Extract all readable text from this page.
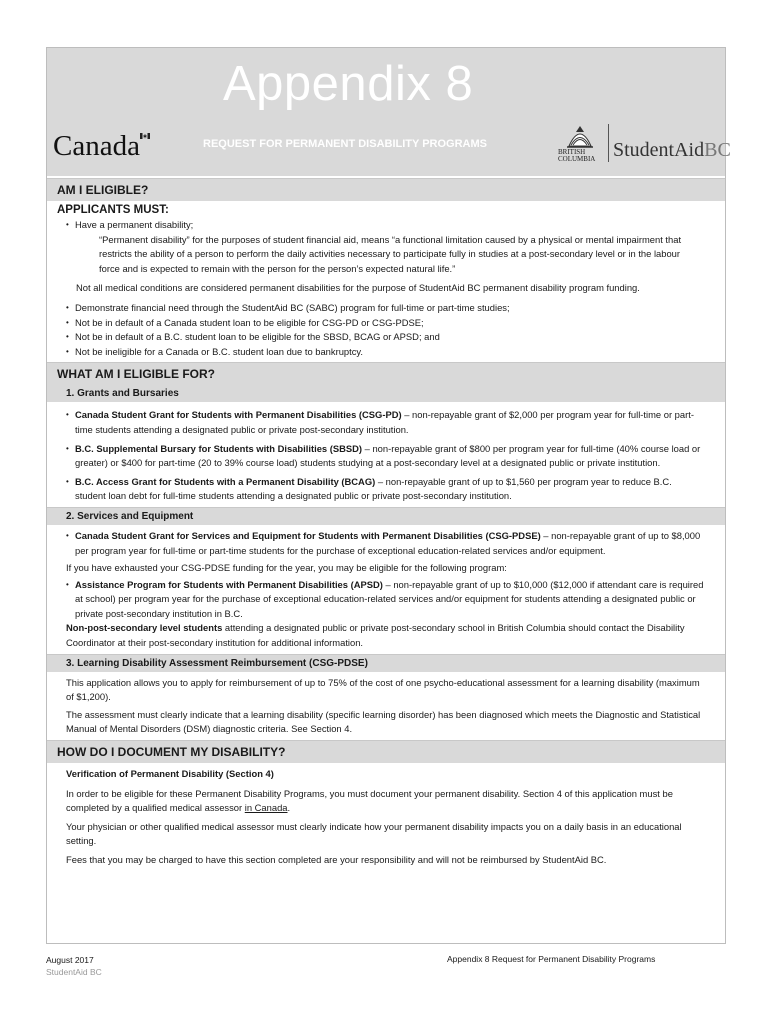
Appendix 8
REQUEST FOR PERMANENT DISABILITY PROGRAMS
Canada	BRITISH
COLUMBIA StudentAidBC
AM I ELIGIBLE?
APPLICANTS MUST:
• Have a permanent disability;

“Permanent disability” for the purposes of student financial aid, means “a functional limitation caused by a physical or mental impairment that restricts the ability of a person to perform the daily activities necessary to participate fully in studies at a post-secondary level or in the labour force and is expected to remain with the person for the person’s expected natural life.”

Not all medical conditions are considered permanent disabilities for the purpose of StudentAid BC permanent disability program funding.

• Demonstrate financial need through the StudentAid BC (SABC) program for full-time or part-time studies;
• Not be in default of a Canada student loan to be eligible for CSG-PD or CSG-PDSE;
• Not be in default of a B.C. student loan to be eligible for the SBSD, BCAG or APSD; and
• Not be ineligible for a Canada or B.C. student loan due to bankruptcy.
WHAT AM I ELIGIBLE FOR?
1. Grants and Bursaries
• Canada Student Grant for Students with Permanent Disabilities (CSG-PD) – non-repayable grant of $2,000 per program year for full-time or part-time students attending a designated public or private post-secondary institution.
• B.C. Supplemental Bursary for Students with Disabilities (SBSD) – non-repayable grant of $800 per program year for full-time (40% course load or greater) or $400 for part-time (20 to 39% course load) students studying at a post-secondary level at a designated public or private institution.
• B.C. Access Grant for Students with a Permanent Disability (BCAG) – non-repayable grant of up to $1,560 per program year to reduce B.C. student loan debt for full-time students attending a designated public or private post-secondary institution.
2. Services and Equipment
• Canada Student Grant for Services and Equipment for Students with Permanent Disabilities (CSG-PDSE) – non-repayable grant of up to $8,000 per program year for full-time or part-time students for the purchase of exceptional education-related services and/or equipment.

If you have exhausted your CSG-PDSE funding for the year, you may be eligible for the following program:

• Assistance Program for Students with Permanent Disabilities (APSD) – non-repayable grant of up to $10,000 ($12,000 if attendant care is required at school) per program year for the purchase of exceptional education-related services and/or equipment for students attending a designated public or private post-secondary institution in B.C.

Non-post-secondary level students attending a designated public or private post-secondary school in British Columbia should contact the Disability Coordinator at their post-secondary institution for additional information.

3. Learning Disability Assessment Reimbursement (CSG-PDSE)

This application allows you to apply for reimbursement of up to 75% of the cost of one psycho-educational assessment for a learning disability (maximum of $1,200).

The assessment must clearly indicate that a learning disability (specific learning disorder) has been diagnosed which meets the Diagnostic and Statistical Manual of Mental Disorders (DSM) diagnostic criteria. See Section 4.

HOW DO I DOCUMENT MY DISABILITY?

Verification of Permanent Disability (Section 4)

In order to be eligible for these Permanent Disability Programs, you must document your permanent disability. Section 4 of this application must be completed by a qualified medical assessor in Canada.

Your physician or other qualified medical assessor must clearly indicate how your permanent disability impacts you on a daily basis in an educational setting.

Fees that you may be charged to have this section completed are your responsibility and will not be reimbursed by StudentAid BC.

August 2017
StudentAid BC
Appendix 8 Request for Permanent Disability Programs
